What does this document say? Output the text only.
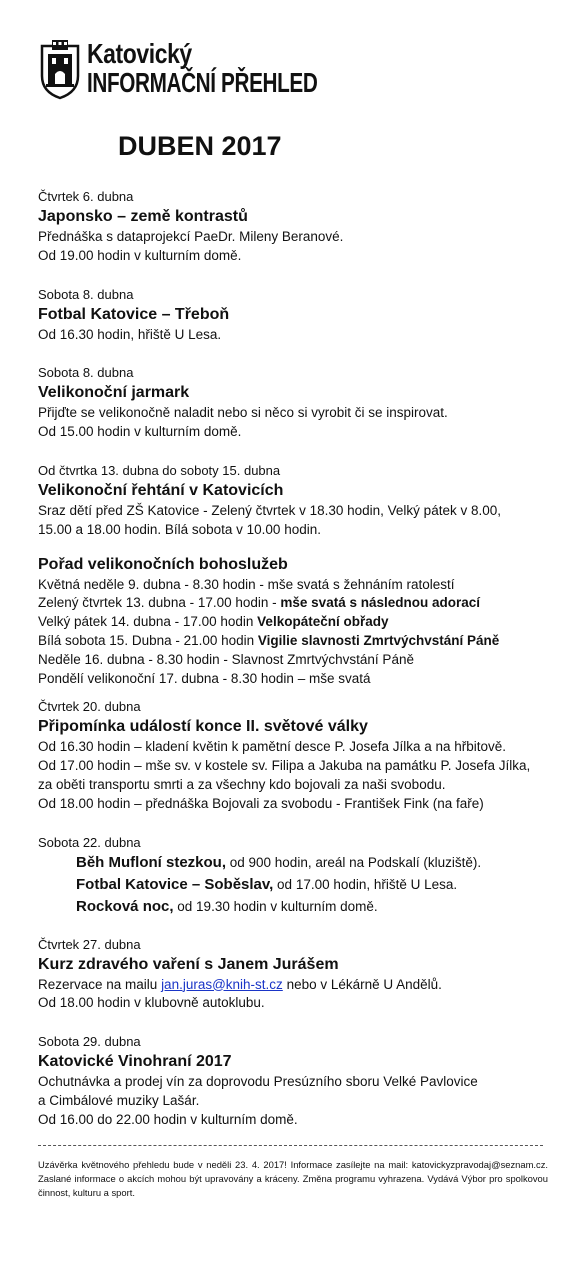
Katovický
INFORMAČNÍ PŘEHLED
DUBEN 2017
Čtvrtek 6. dubna
Japonsko – země kontrastů
Přednáška s dataprojekcí PaeDr. Mileny Beranové.
Od 19.00 hodin v kulturním domě.
Sobota 8. dubna
Fotbal Katovice – Třeboň
Od 16.30 hodin, hřiště U Lesa.
Sobota 8. dubna
Velikonoční jarmark
Přijďte se velikonočně naladit nebo si něco si vyrobit či se inspirovat.
Od 15.00 hodin v kulturním domě.
Od čtvrtka 13. dubna do soboty 15. dubna
Velikonoční řehtání v Katovicích
Sraz dětí před ZŠ Katovice - Zelený čtvrtek v 18.30 hodin, Velký pátek v 8.00,
15.00 a 18.00 hodin. Bílá sobota v 10.00 hodin.
Pořad velikonočních bohoslužeb
Květná neděle 9. dubna - 8.30 hodin - mše svatá s žehnáním ratolestí
Zelený čtvrtek 13. dubna - 17.00 hodin - mše svatá s následnou adorací
Velký pátek 14. dubna - 17.00 hodin Velkopáteční obřady
Bílá sobota 15. Dubna - 21.00 hodin Vigilie slavnosti Zmrtvýchvstání Páně
Neděle 16. dubna - 8.30 hodin - Slavnost Zmrtvýchvstání Páně
Pondělí velikonoční 17. dubna - 8.30 hodin – mše svatá
Čtvrtek 20. dubna
Připomínka událostí konce II. světové války
Od 16.30 hodin – kladení květin k pamětní desce P. Josefa Jílka a na hřbitově.
Od 17.00 hodin – mše sv. v kostele sv. Filipa a Jakuba na památku P. Josefa Jílka,
za oběti transportu smrti a za všechny kdo bojovali za naši svobodu.
Od 18.00 hodin – přednáška Bojovali za svobodu - František Fink (na faře)
Sobota 22. dubna
Běh Mufloní stezkou, od 900 hodin, areál na Podskalí (kluziště).
Fotbal Katovice – Soběslav, od 17.00 hodin, hřiště U Lesa.
Rocková noc, od 19.30 hodin v kulturním domě.
Čtvrtek 27. dubna
Kurz zdravého vaření s Janem Jurášem
Rezervace na mailu jan.juras@knih-st.cz nebo v Lékárně U Andělů.
Od 18.00 hodin v klubovně autoklubu.
Sobota 29. dubna
Katovické Vinohraní 2017
Ochutnávka a prodej vín za doprovodu Presúzního sboru Velké Pavlovice
a Cimbálové muziky Lašár.
Od 16.00 do 22.00 hodin v kulturním domě.
Uzávěrka květnového přehledu bude v neděli 23. 4. 2017! Informace zasílejte na mail: katovickyzpravodaj@seznam.cz. Zaslané informace o akcích mohou být upravovány a kráceny. Změna programu vyhrazena. Vydává Výbor pro spolkovou činnost, kulturu a sport.
